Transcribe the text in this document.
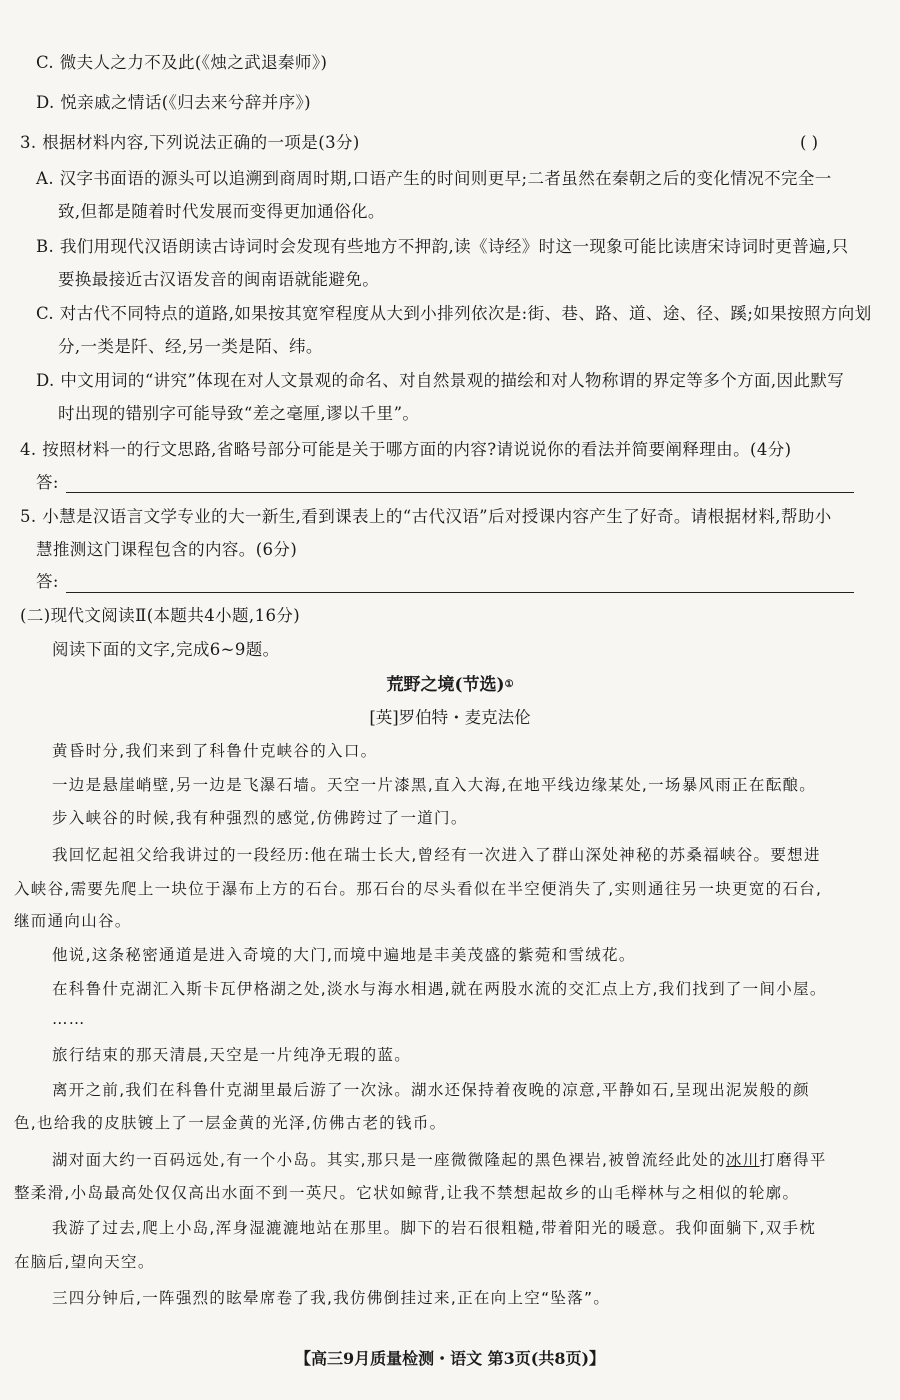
C. 微夫人之力不及此(《烛之武退秦师》)
D. 悦亲戚之情话(《归去来兮辞并序》)
3. 根据材料内容,下列说法正确的一项是(3分)	( )
A. 汉字书面语的源头可以追溯到商周时期,口语产生的时间则更早;二者虽然在秦朝之后的变化情况不完全一
致,但都是随着时代发展而变得更加通俗化。
B. 我们用现代汉语朗读古诗词时会发现有些地方不押韵,读《诗经》时这一现象可能比读唐宋诗词时更普遍,只
要换最接近古汉语发音的闽南语就能避免。
C. 对古代不同特点的道路,如果按其宽窄程度从大到小排列依次是:街、巷、路、道、途、径、蹊;如果按照方向划
分,一类是阡、经,另一类是陌、纬。
D. 中文用词的“讲究”体现在对人文景观的命名、对自然景观的描绘和对人物称谓的界定等多个方面,因此默写
时出现的错别字可能导致“差之毫厘,谬以千里”。
4. 按照材料一的行文思路,省略号部分可能是关于哪方面的内容?请说说你的看法并简要阐释理由。(4分)
答:
5. 小慧是汉语言文学专业的大一新生,看到课表上的“古代汉语”后对授课内容产生了好奇。请根据材料,帮助小
慧推测这门课程包含的内容。(6分)
答:
(二)现代文阅读Ⅱ(本题共4小题,16分)
阅读下面的文字,完成6~9题。
荒野之境(节选)①
[英]罗伯特・麦克法伦
黄昏时分,我们来到了科鲁什克峡谷的入口。
一边是悬崖峭壁,另一边是飞瀑石墙。天空一片漆黑,直入大海,在地平线边缘某处,一场暴风雨正在酝酿。
步入峡谷的时候,我有种强烈的感觉,仿佛跨过了一道门。
我回忆起祖父给我讲过的一段经历:他在瑞士长大,曾经有一次进入了群山深处神秘的苏桑福峡谷。要想进
入峡谷,需要先爬上一块位于瀑布上方的石台。那石台的尽头看似在半空便消失了,实则通往另一块更宽的石台,
继而通向山谷。
他说,这条秘密通道是进入奇境的大门,而境中遍地是丰美茂盛的紫菀和雪绒花。
在科鲁什克湖汇入斯卡瓦伊格湖之处,淡水与海水相遇,就在两股水流的交汇点上方,我们找到了一间小屋。
……
旅行结束的那天清晨,天空是一片纯净无瑕的蓝。
离开之前,我们在科鲁什克湖里最后游了一次泳。湖水还保持着夜晚的凉意,平静如石,呈现出泥炭般的颜
色,也给我的皮肤镀上了一层金黄的光泽,仿佛古老的钱币。
湖对面大约一百码远处,有一个小岛。其实,那只是一座微微隆起的黑色裸岩,被曾流经此处的冰川打磨得平
整柔滑,小岛最高处仅仅高出水面不到一英尺。它状如鲸背,让我不禁想起故乡的山毛榉林与之相似的轮廓。
我游了过去,爬上小岛,浑身湿漉漉地站在那里。脚下的岩石很粗糙,带着阳光的暖意。我仰面躺下,双手枕
在脑后,望向天空。
三四分钟后,一阵强烈的眩晕席卷了我,我仿佛倒挂过来,正在向上空“坠落”。
【高三9月质量检测・语文 第3页(共8页)】
